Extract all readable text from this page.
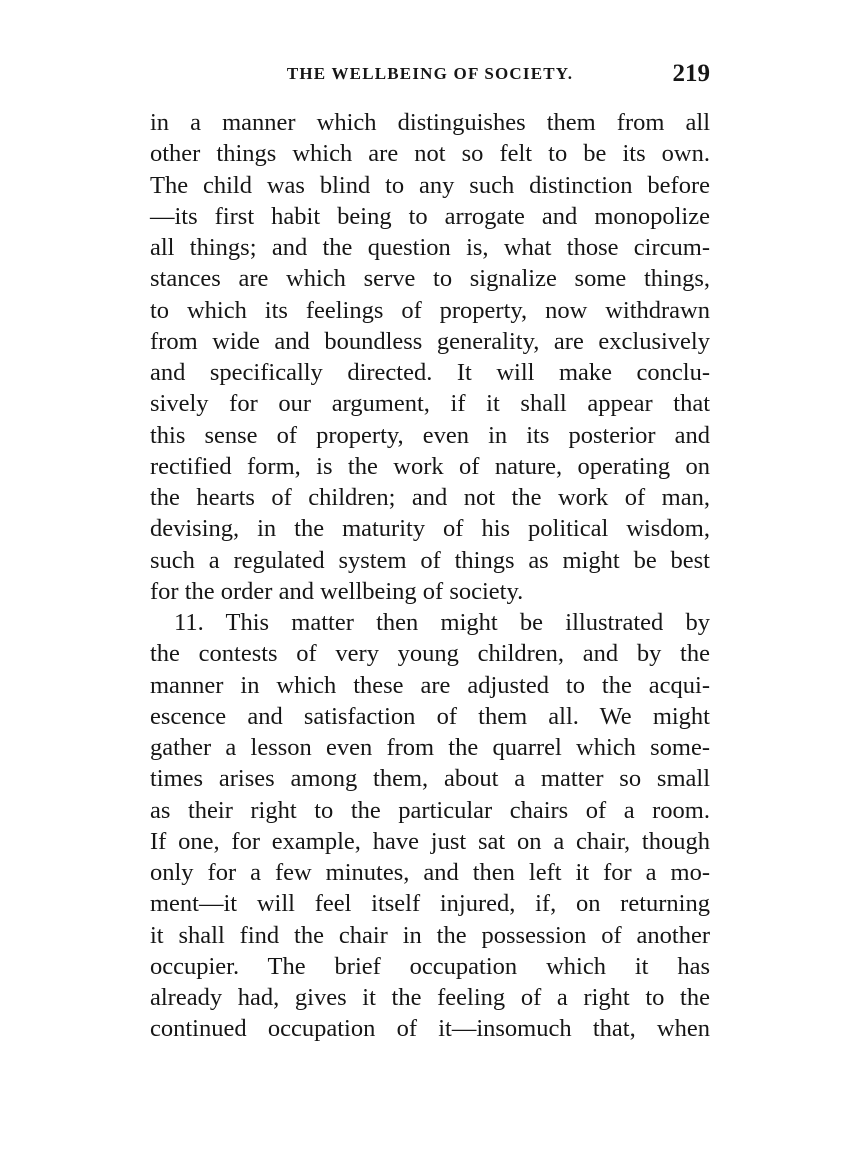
THE WELLBEING OF SOCIETY.	219
in a manner which distinguishes them from all
other things which are not so felt to be its own.
The child was blind to any such distinction before
—its first habit being to arrogate and monopolize
all things; and the question is, what those circum-
stances are which serve to signalize some things,
to which its feelings of property, now withdrawn
from wide and boundless generality, are exclusively
and specifically directed. It will make conclu-
sively for our argument, if it shall appear that
this sense of property, even in its posterior and
rectified form, is the work of nature, operating on
the hearts of children; and not the work of man,
devising, in the maturity of his political wisdom,
such a regulated system of things as might be best
for the order and wellbeing of society.
11. This matter then might be illustrated by
the contests of very young children, and by the
manner in which these are adjusted to the acqui-
escence and satisfaction of them all. We might
gather a lesson even from the quarrel which some-
times arises among them, about a matter so small
as their right to the particular chairs of a room.
If one, for example, have just sat on a chair, though
only for a few minutes, and then left it for a mo-
ment—it will feel itself injured, if, on returning
it shall find the chair in the possession of another
occupier. The brief occupation which it has
already had, gives it the feeling of a right to the
continued occupation of it—insomuch that, when
